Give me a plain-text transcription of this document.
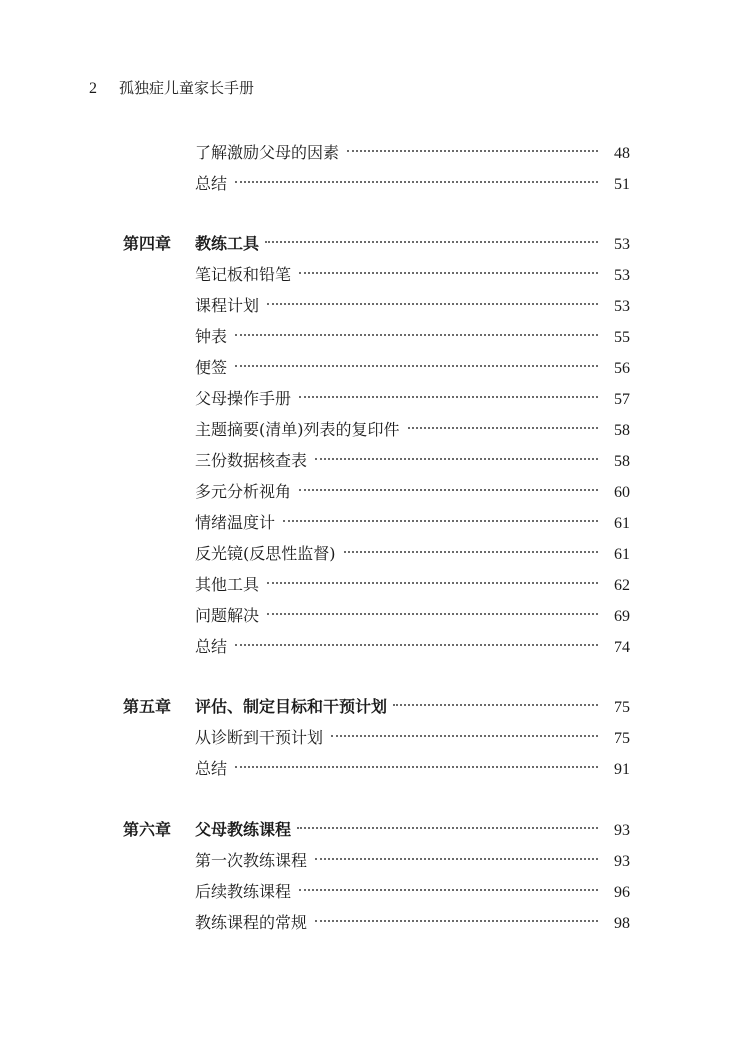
2 孤独症儿童家长手册
了解激励父母的因素	48
总结	51
第四章 教练工具	53
笔记板和铅笔	53
课程计划	53
钟表	55
便签	56
父母操作手册	57
主题摘要(清单)列表的复印件	58
三份数据核查表	58
多元分析视角	60
情绪温度计	61
反光镜(反思性监督)	61
其他工具	62
问题解决	69
总结	74
第五章 评估、制定目标和干预计划	75
从诊断到干预计划	75
总结	91
第六章 父母教练课程	93
第一次教练课程	93
后续教练课程	96
教练课程的常规	98
